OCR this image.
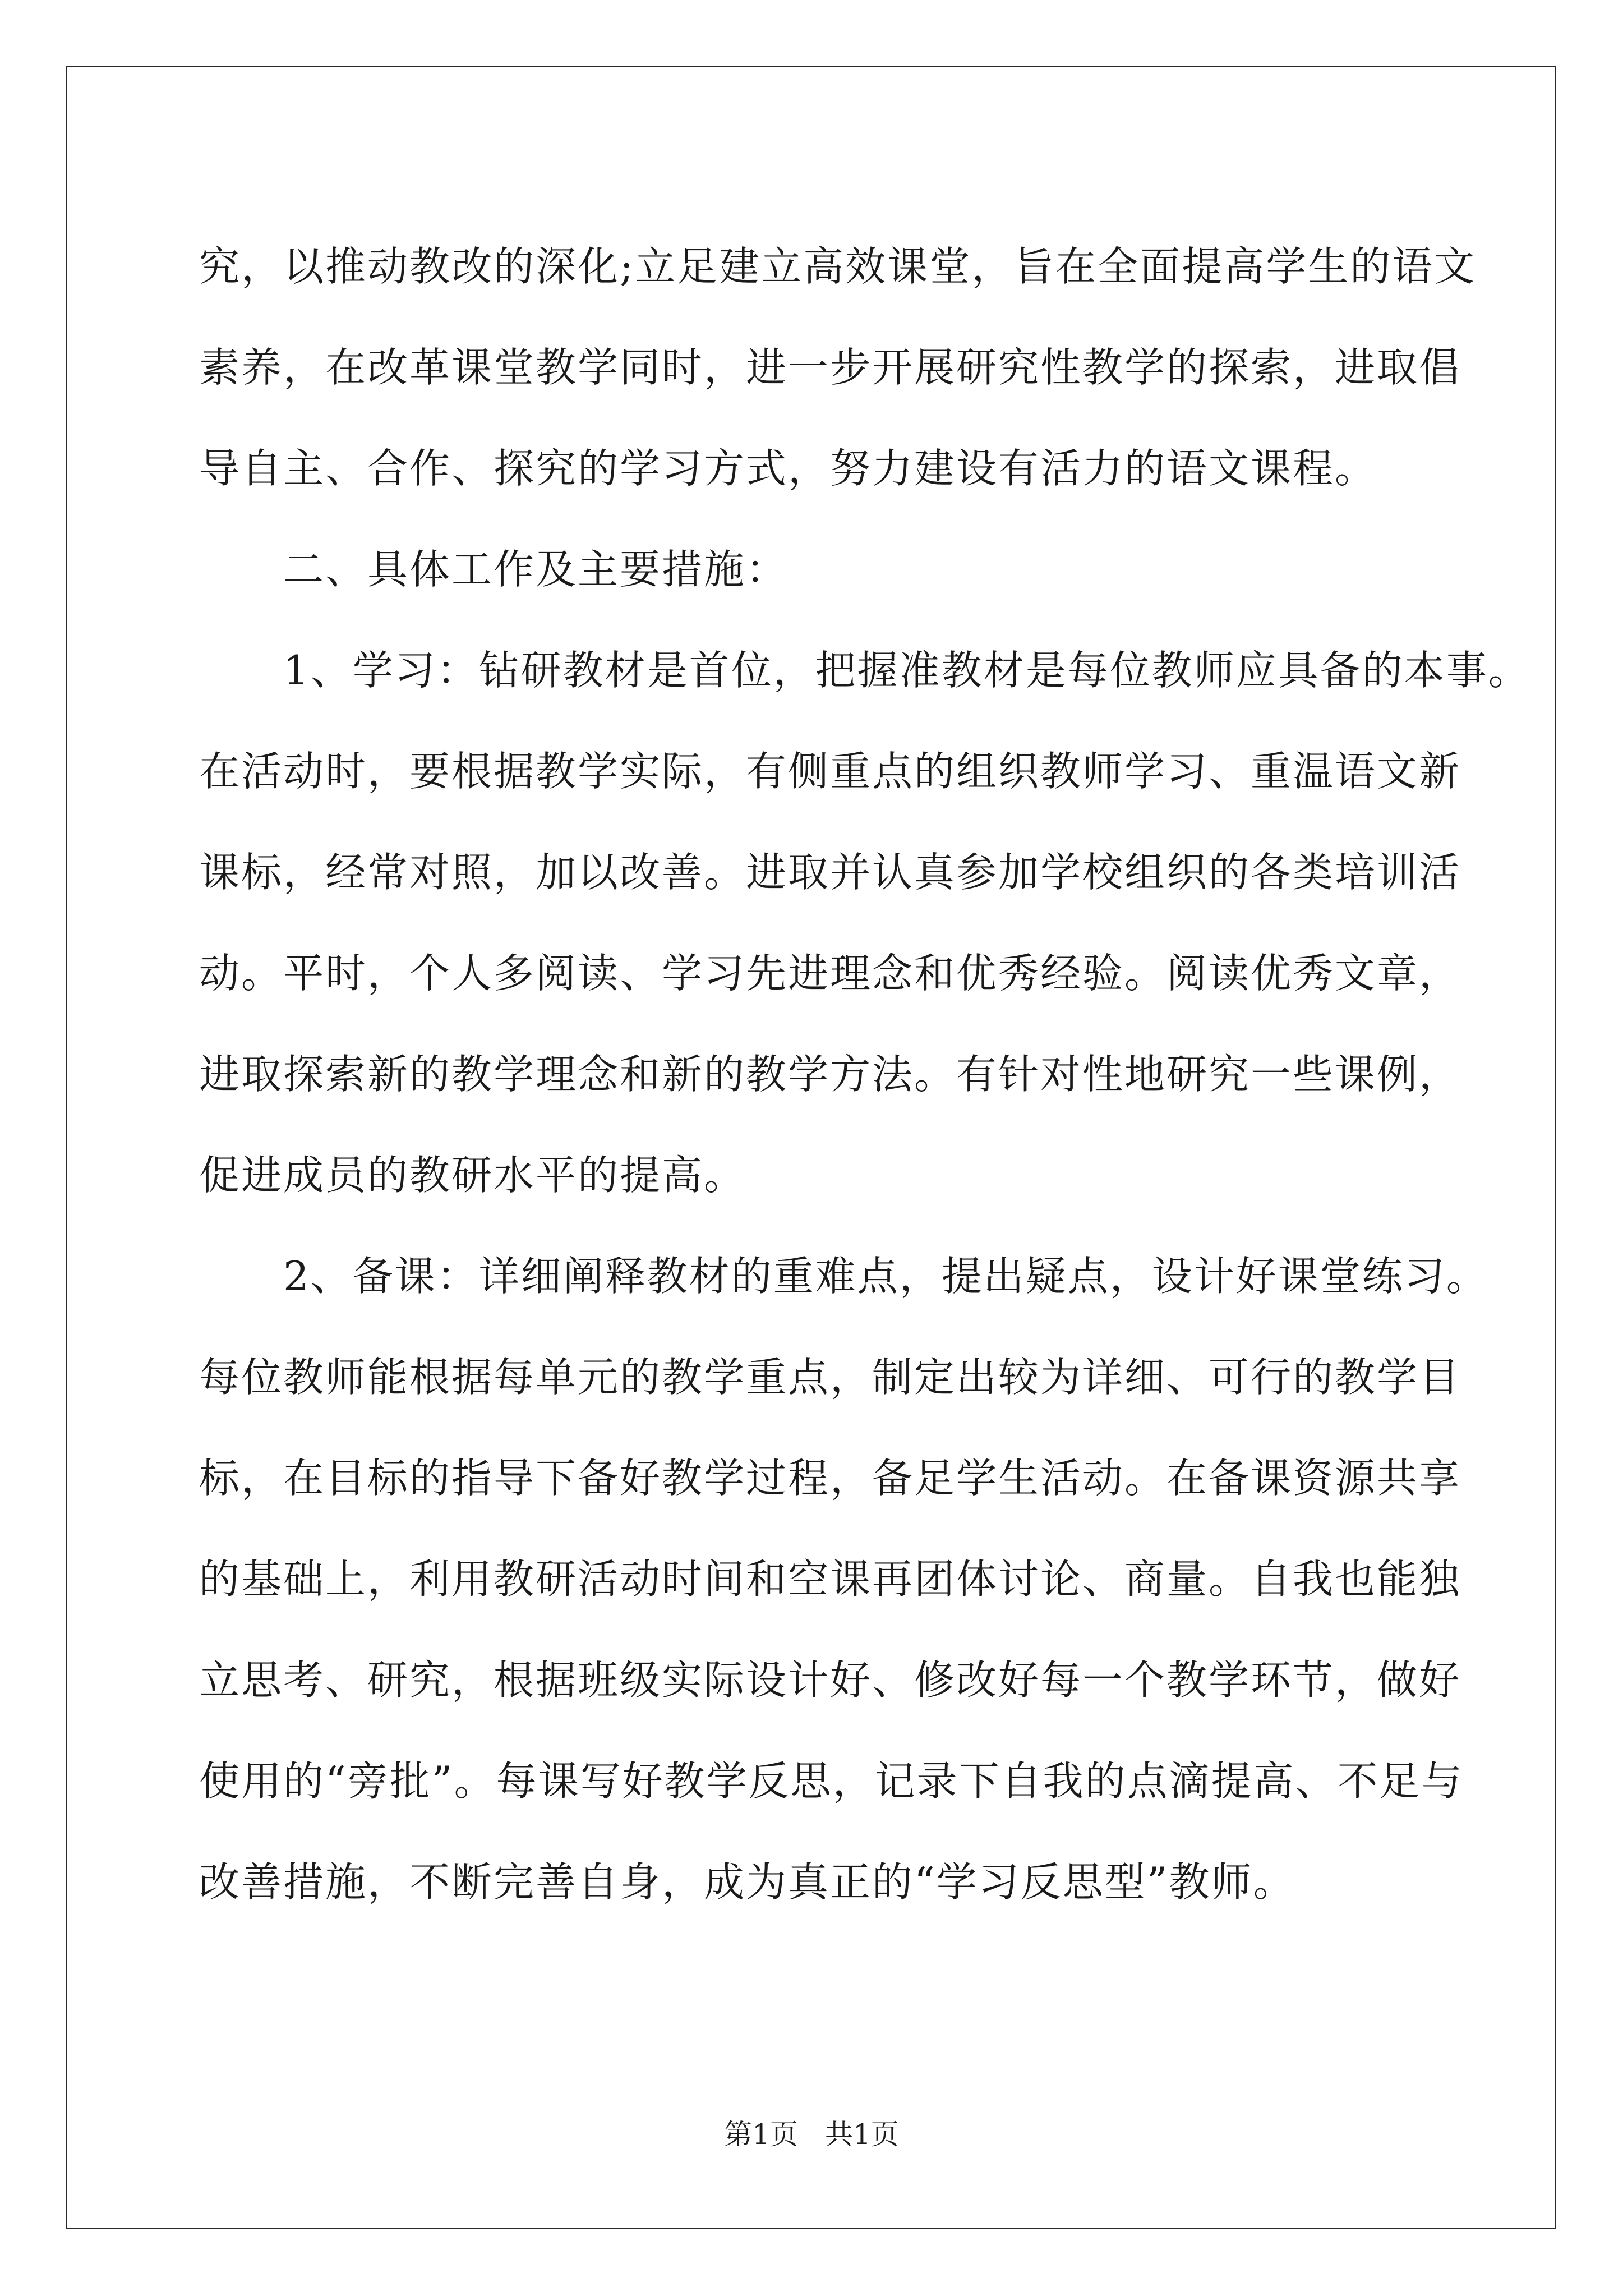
究，以推动教改的深化;立足建立高效课堂，旨在全面提高学生的语文
素养，在改革课堂教学同时，进一步开展研究性教学的探索，进取倡
导自主、合作、探究的学习方式，努力建设有活力的语文课程。
　　二、具体工作及主要措施：
　　1、学习：钻研教材是首位，把握准教材是每位教师应具备的本事。
在活动时，要根据教学实际，有侧重点的组织教师学习、重温语文新
课标，经常对照，加以改善。进取并认真参加学校组织的各类培训活
动。平时，个人多阅读、学习先进理念和优秀经验。阅读优秀文章，
进取探索新的教学理念和新的教学方法。有针对性地研究一些课例，
促进成员的教研水平的提高。
　　2、备课：详细阐释教材的重难点，提出疑点，设计好课堂练习。
每位教师能根据每单元的教学重点，制定出较为详细、可行的教学目
标，在目标的指导下备好教学过程，备足学生活动。在备课资源共享
的基础上，利用教研活动时间和空课再团体讨论、商量。自我也能独
立思考、研究，根据班级实际设计好、修改好每一个教学环节，做好
使用的“旁批”。每课写好教学反思，记录下自我的点滴提高、不足与
改善措施，不断完善自身，成为真正的“学习反思型”教师。
第1页 共1页
